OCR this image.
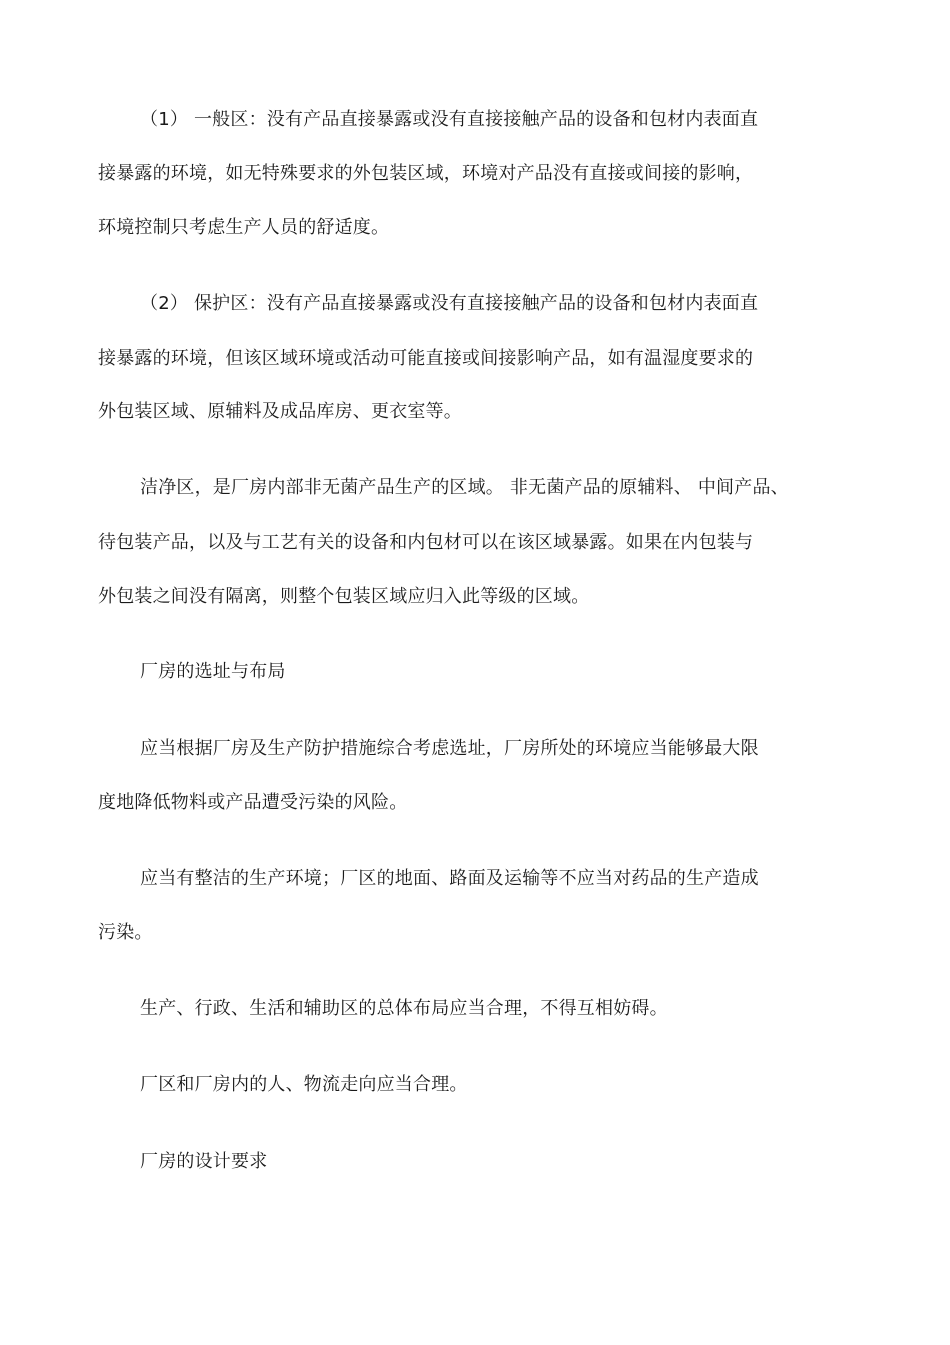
（1） 一般区：没有产品直接暴露或没有直接接触产品的设备和包材内表面直
接暴露的环境，如无特殊要求的外包装区域，环境对产品没有直接或间接的影响，
环境控制只考虑生产人员的舒适度。
（2） 保护区：没有产品直接暴露或没有直接接触产品的设备和包材内表面直
接暴露的环境，但该区域环境或活动可能直接或间接影响产品，如有温湿度要求的
外包装区域、原辅料及成品库房、更衣室等。
洁净区，是厂房内部非无菌产品生产的区域。 非无菌产品的原辅料、 中间产品、
待包装产品，以及与工艺有关的设备和内包材可以在该区域暴露。如果在内包装与
外包装之间没有隔离，则整个包装区域应归入此等级的区域。
厂房的选址与布局
应当根据厂房及生产防护措施综合考虑选址，厂房所处的环境应当能够最大限
度地降低物料或产品遭受污染的风险。
应当有整洁的生产环境；厂区的地面、路面及运输等不应当对药品的生产造成
污染。
生产、行政、生活和辅助区的总体布局应当合理，不得互相妨碍。
厂区和厂房内的人、物流走向应当合理。
厂房的设计要求
